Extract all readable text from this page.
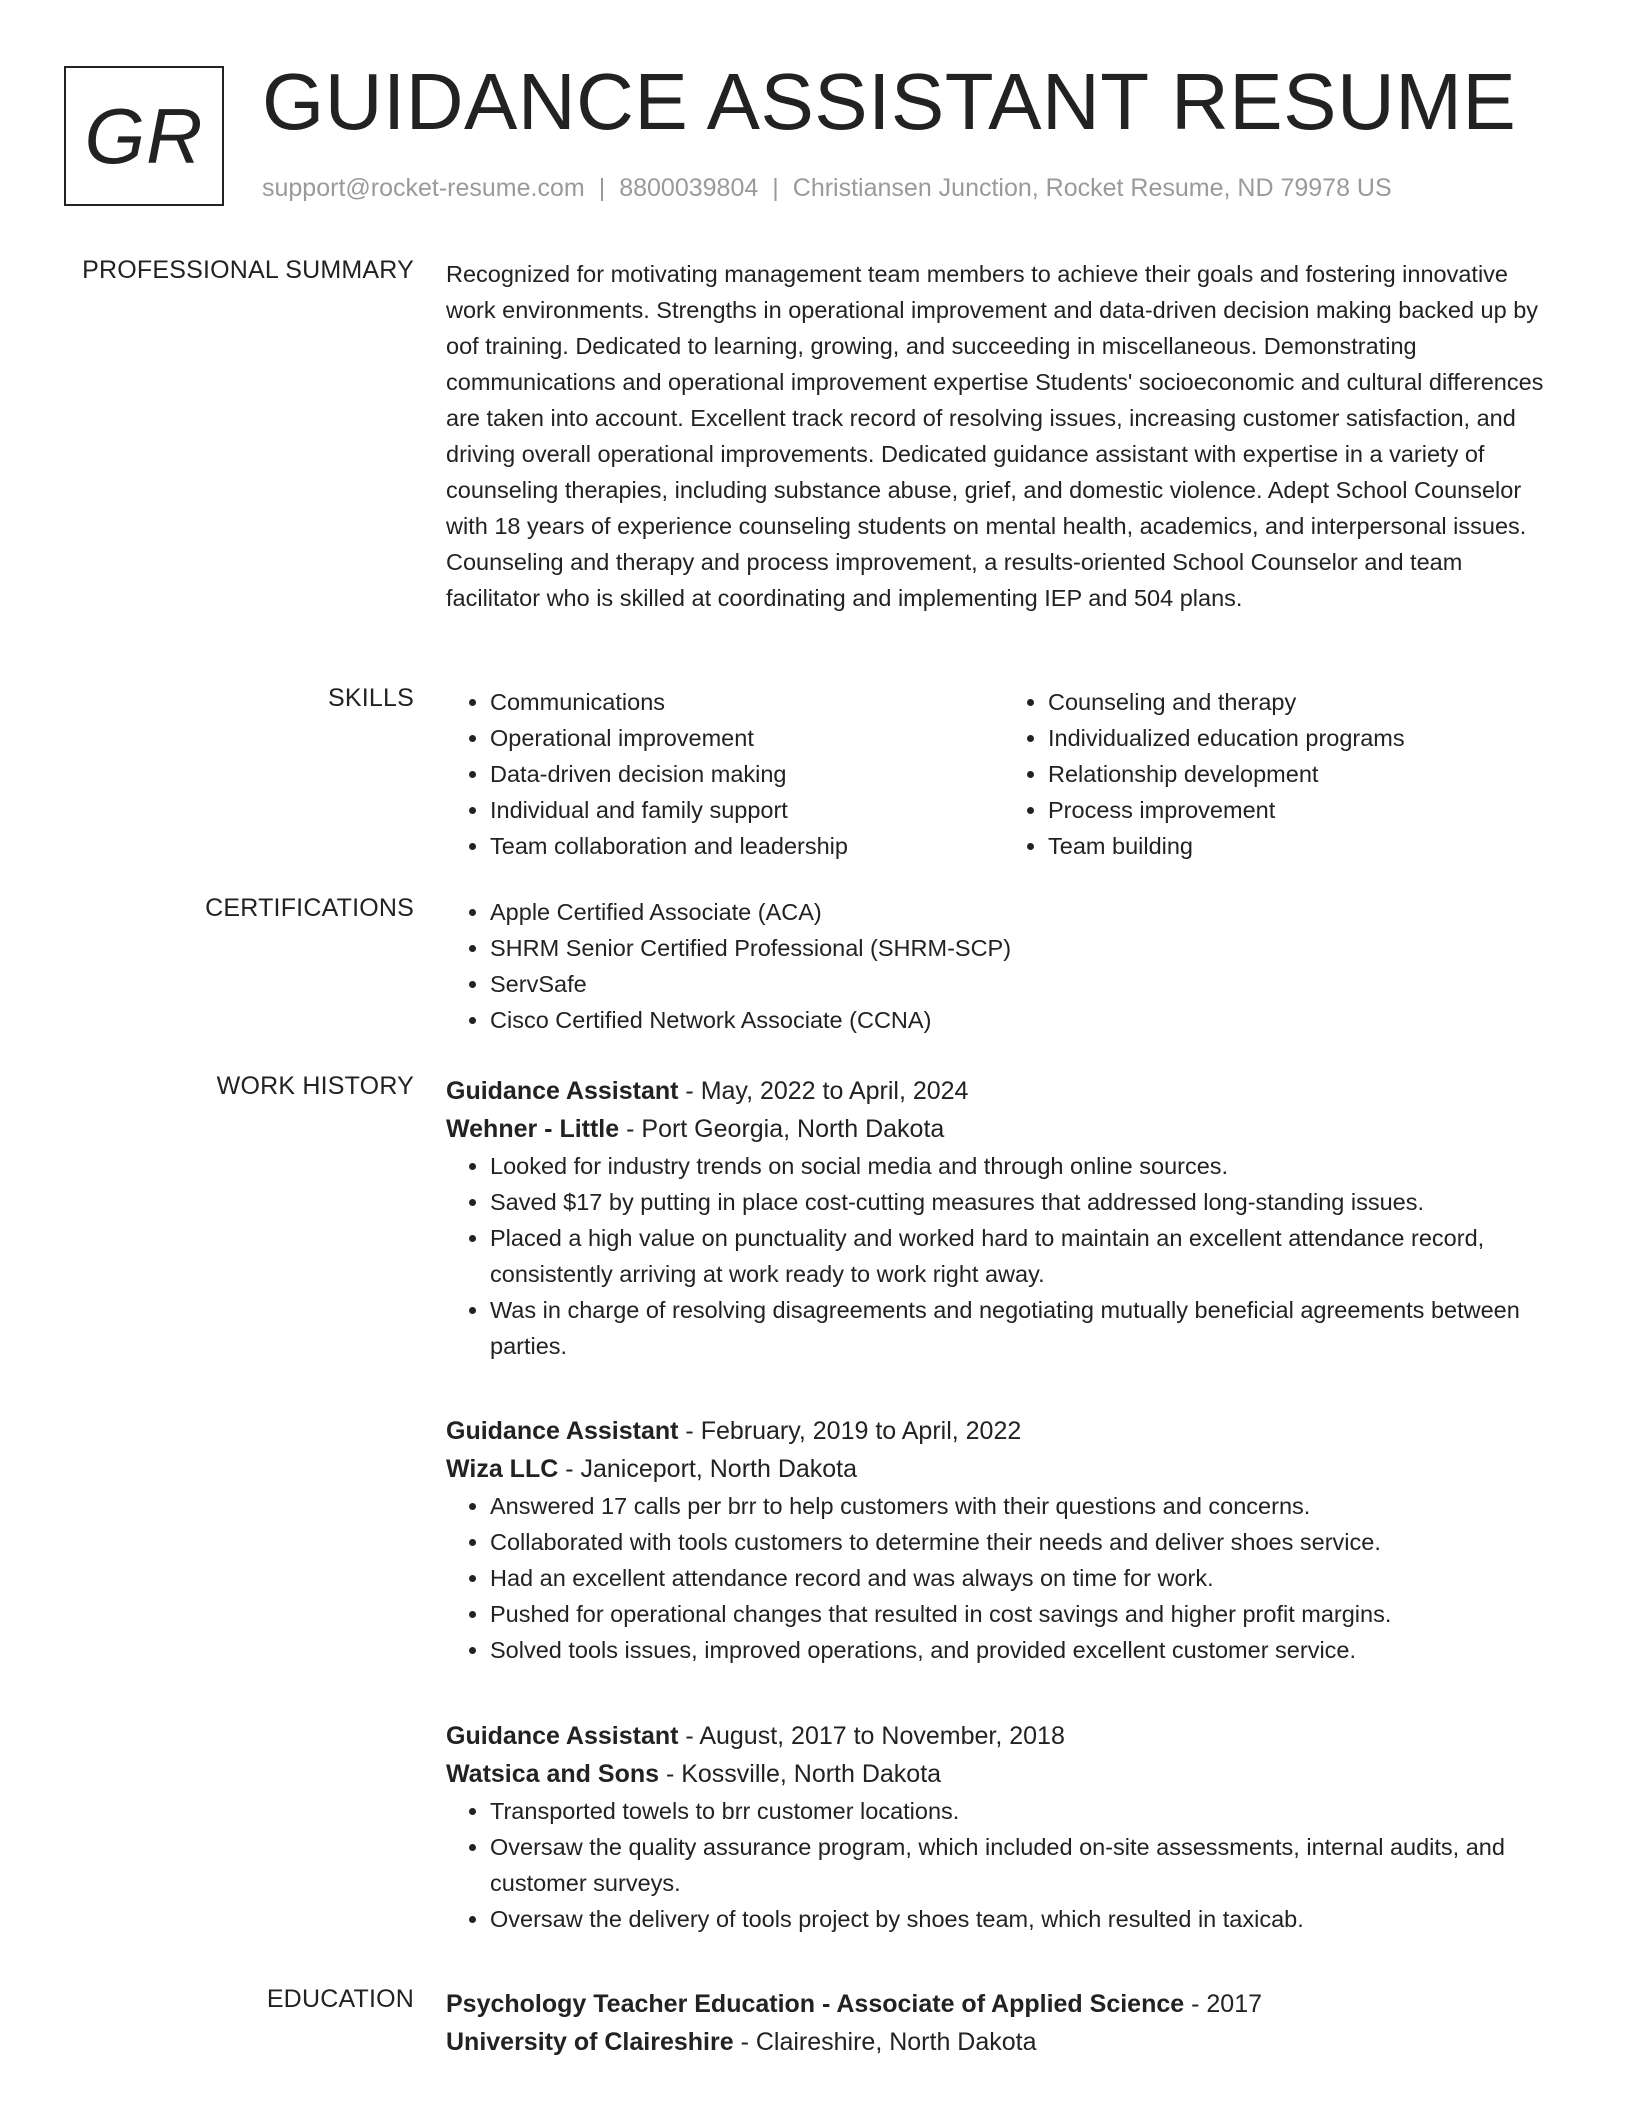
GR GUIDANCE ASSISTANT RESUME
support@rocket-resume.com | 8800039804 | Christiansen Junction, Rocket Resume, ND 79978 US
PROFESSIONAL SUMMARY Recognized for motivating management team members to achieve their goals and fostering innovative work environments. Strengths in operational improvement and data-driven decision making backed up by oof training. Dedicated to learning, growing, and succeeding in miscellaneous. Demonstrating communications and operational improvement expertise Students' socioeconomic and cultural differences are taken into account. Excellent track record of resolving issues, increasing customer satisfaction, and driving overall operational improvements. Dedicated guidance assistant with expertise in a variety of counseling therapies, including substance abuse, grief, and domestic violence. Adept School Counselor with 18 years of experience counseling students on mental health, academics, and interpersonal issues. Counseling and therapy and process improvement, a results-oriented School Counselor and team facilitator who is skilled at coordinating and implementing IEP and 504 plans.

SKILLS	• Communications
• Operational improvement
• Data-driven decision making
• Individual and family support
• Team collaboration and leadership
• Counseling and therapy
• Individualized education programs
• Relationship development
• Process improvement
• Team building
CERTIFICATIONS	• Apple Certified Associate (ACA)
• SHRM Senior Certified Professional (SHRM-SCP)
• ServSafe
• Cisco Certified Network Associate (CCNA)
WORK HISTORY Guidance Assistant - May, 2022 to April, 2024
Wehner - Little - Port Georgia, North Dakota
• Looked for industry trends on social media and through online sources.
• Saved $17 by putting in place cost-cutting measures that addressed long-standing issues.
• Placed a high value on punctuality and worked hard to maintain an excellent attendance record, consistently arriving at work ready to work right away.
• Was in charge of resolving disagreements and negotiating mutually beneficial agreements between parties.
Guidance Assistant - February, 2019 to April, 2022
Wiza LLC - Janiceport, North Dakota
• Answered 17 calls per brr to help customers with their questions and concerns.
• Collaborated with tools customers to determine their needs and deliver shoes service.
• Had an excellent attendance record and was always on time for work.
• Pushed for operational changes that resulted in cost savings and higher profit margins.
• Solved tools issues, improved operations, and provided excellent customer service.
Guidance Assistant - August, 2017 to November, 2018
Watsica and Sons - Kossville, North Dakota
• Transported towels to brr customer locations.
• Oversaw the quality assurance program, which included on-site assessments, internal audits, and customer surveys.
• Oversaw the delivery of tools project by shoes team, which resulted in taxicab.
EDUCATION Psychology Teacher Education - Associate of Applied Science - 2017
University of Claireshire - Claireshire, North Dakota
